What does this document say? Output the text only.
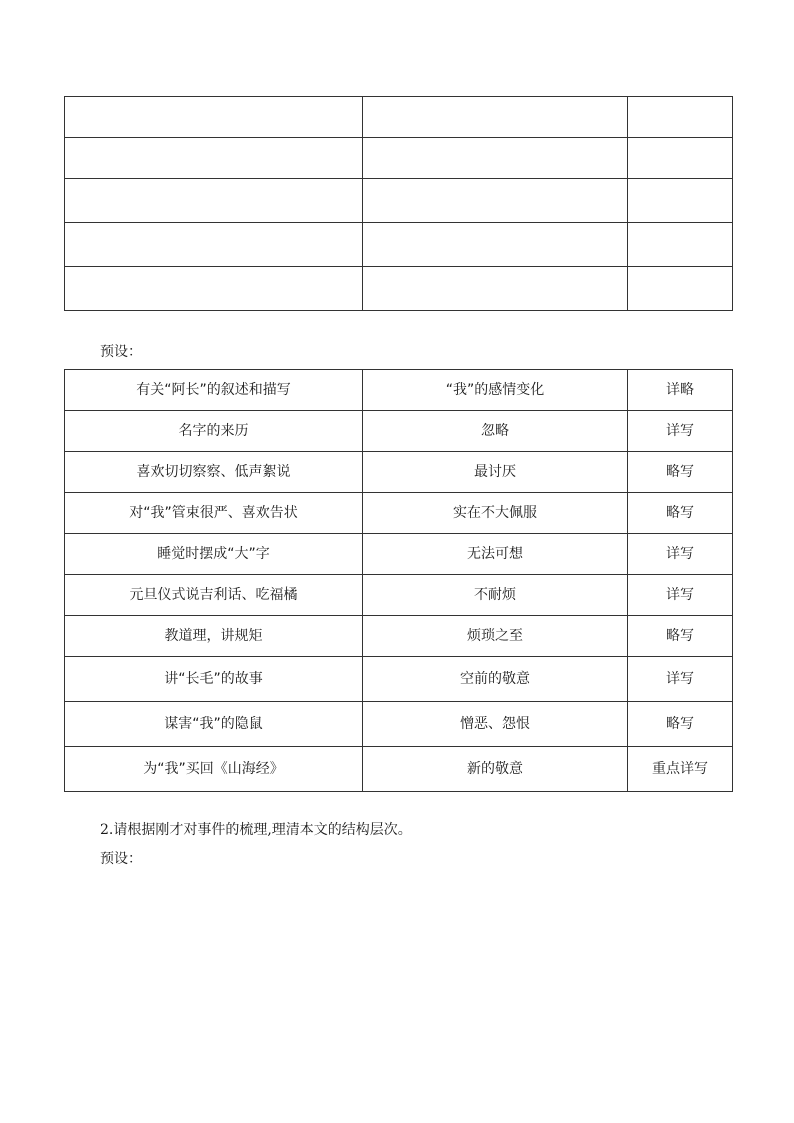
预设：
有关“阿长”的叙述和描写	“我”的感情变化	详略
名字的来历	忽略	详写
喜欢切切察察、低声絮说	最讨厌	略写
对“我”管束很严、喜欢告状	实在不大佩服	略写
睡觉时摆成“大”字	无法可想	详写
元旦仪式说吉利话、吃福橘	不耐烦	详写
教道理，讲规矩	烦琐之至	略写
讲“长毛”的故事	空前的敬意	详写
谋害“我”的隐鼠	憎恶、怨恨	略写
为“我”买回《山海经》	新的敬意	重点详写
2.请根据刚才对事件的梳理,理清本文的结构层次。
预设：
